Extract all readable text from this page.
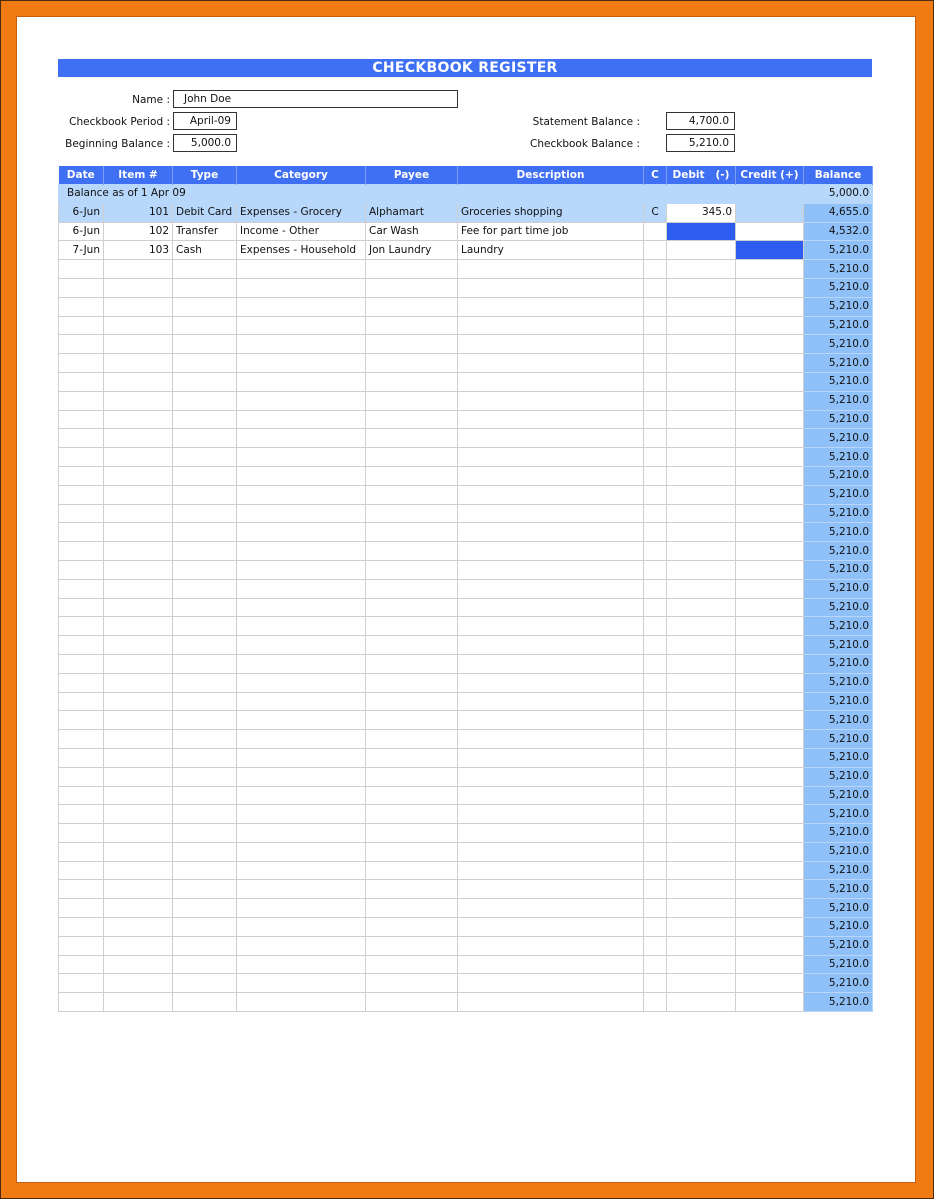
CHECKBOOK REGISTER
Name :	John Doe
Checkbook Period :	April-09
Beginning Balance :	5,000.0
Statement Balance :	4,700.0
Checkbook Balance :	5,210.0
Date	Item #	Type	Category	Payee	Description	C	Debit   (-)	Credit (+)	Balance
Balance as of 1 Apr 09									5,000.0
6-Jun	101	Debit Card	Expenses - Grocery	Alphamart	Groceries shopping	C	345.0		4,655.0
6-Jun	102	Transfer	Income - Other	Car Wash	Fee for part time job		123.0		4,532.0
7-Jun	103	Cash	Expenses - Household	Jon Laundry	Laundry			678.0	5,210.0
									5,210.0
									5,210.0
									5,210.0
									5,210.0
									5,210.0
									5,210.0
									5,210.0
									5,210.0
									5,210.0
									5,210.0
									5,210.0
									5,210.0
									5,210.0
									5,210.0
									5,210.0
									5,210.0
									5,210.0
									5,210.0
									5,210.0
									5,210.0
									5,210.0
									5,210.0
									5,210.0
									5,210.0
									5,210.0
									5,210.0
									5,210.0
									5,210.0
									5,210.0
									5,210.0
									5,210.0
									5,210.0
									5,210.0
									5,210.0
									5,210.0
									5,210.0
									5,210.0
									5,210.0
									5,210.0
									5,210.0
